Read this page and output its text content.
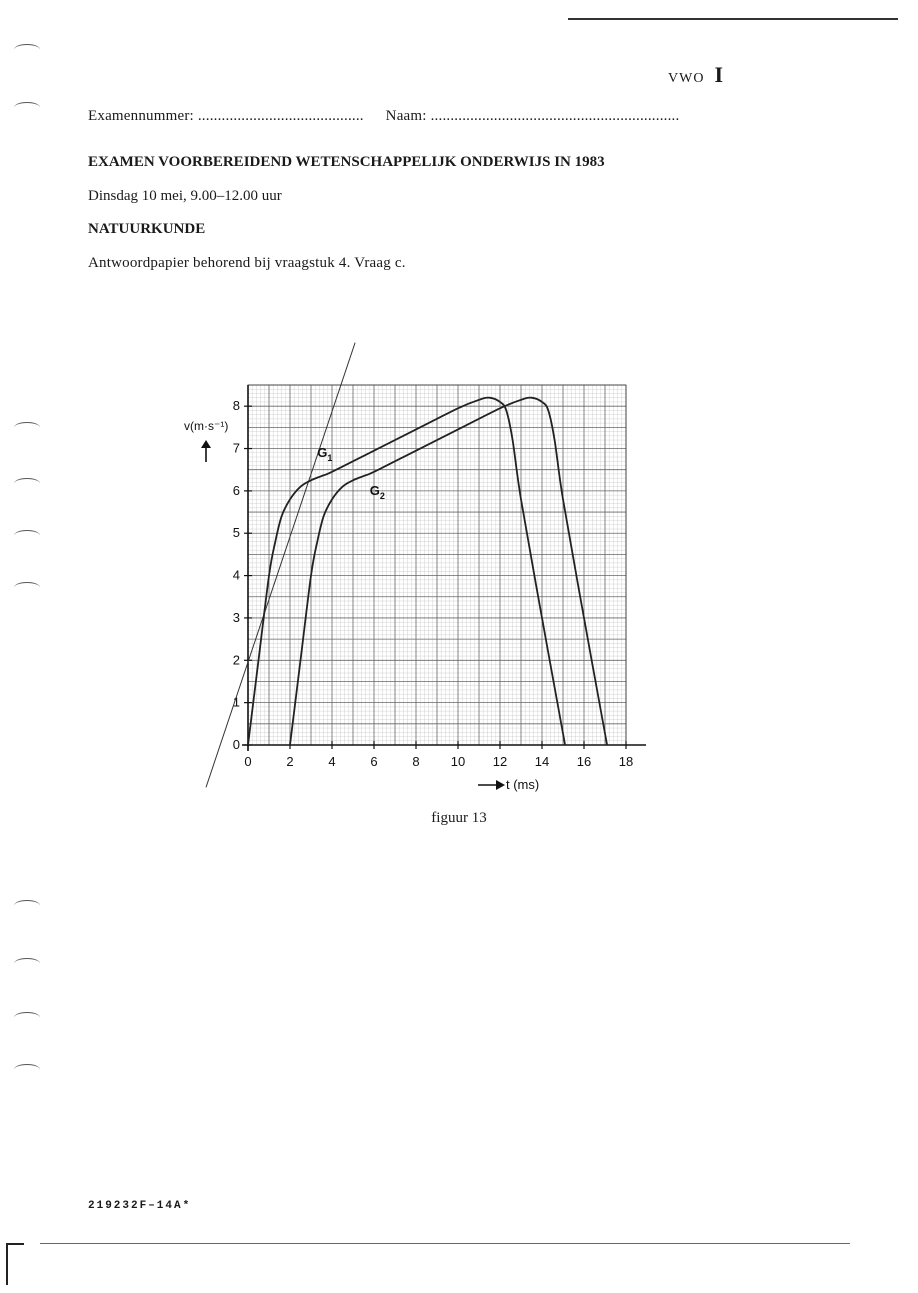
vwo I
Examennummer: .......................................... Naam: ...............................................................
EXAMEN VOORBEREIDEND WETENSCHAPPELIJK ONDERWIJS IN 1983
Dinsdag 10 mei, 9.00–12.00 uur
NATUURKUNDE
Antwoordpapier behorend bij vraagstuk 4. Vraag c.
0	2	4	6	8 10 12 14 16 18
0
1
2
3
4
5
6
7
8
$G_1$
$G_2$
v(m·s⁻¹)
t (ms)
figuur 13
219232F–14A*
